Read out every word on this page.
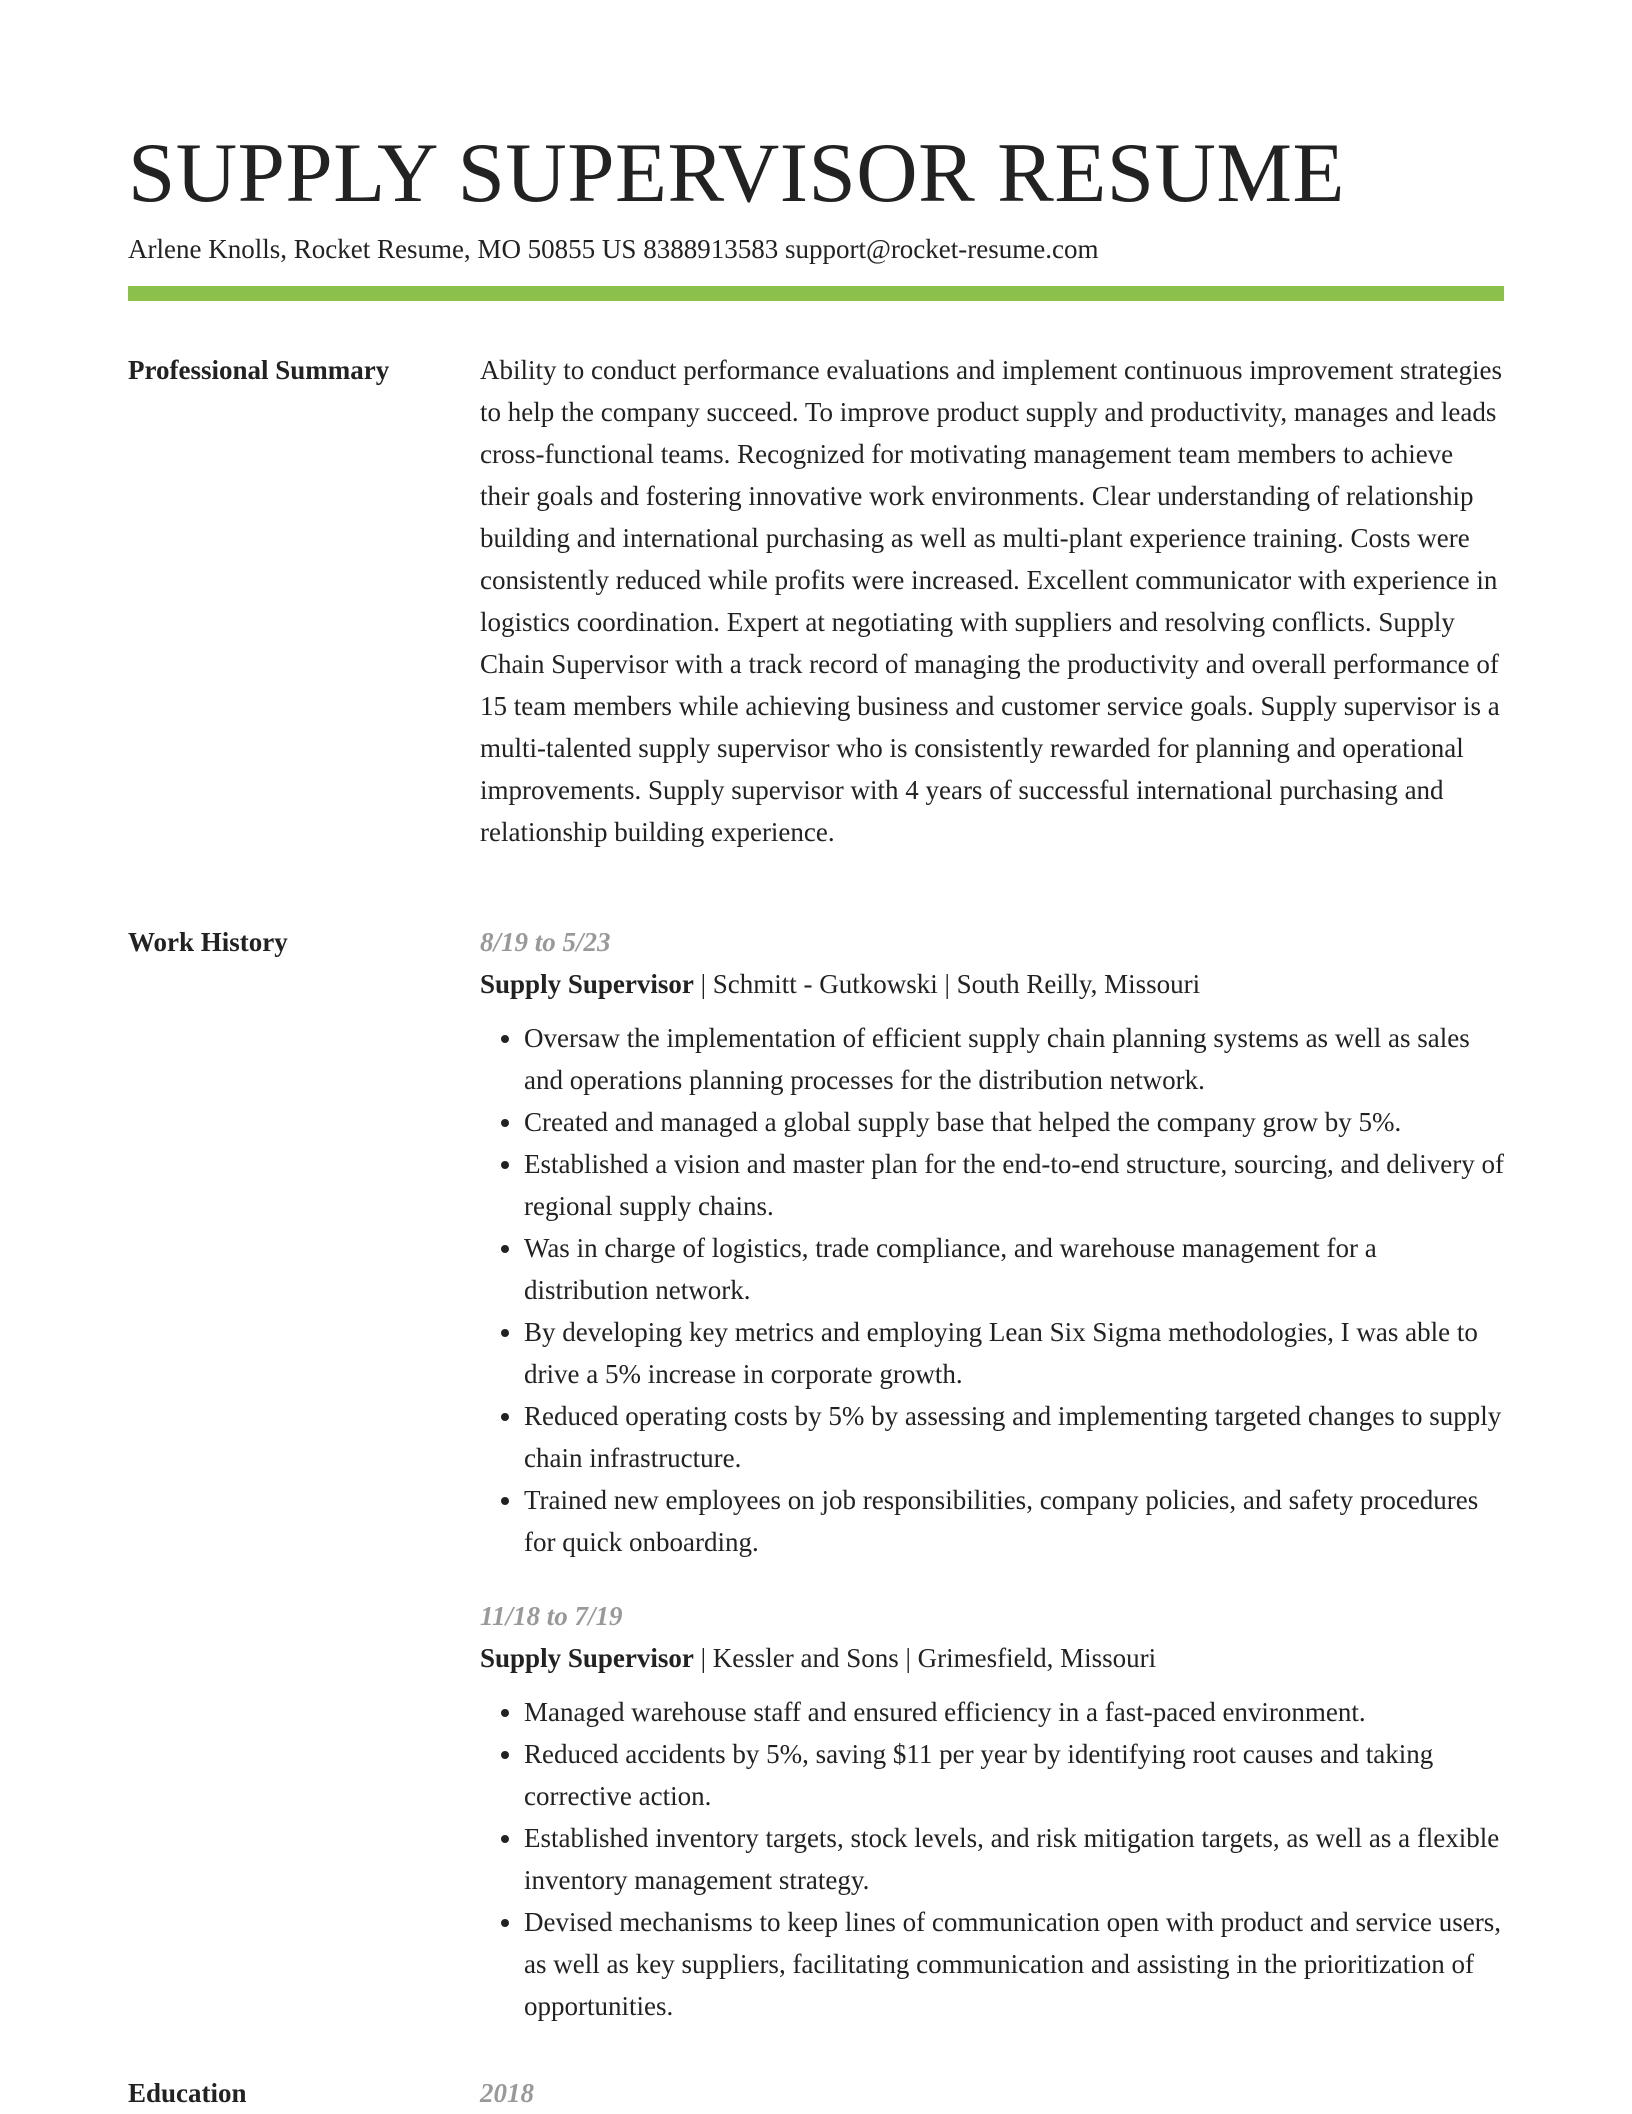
SUPPLY SUPERVISOR RESUME
Arlene Knolls, Rocket Resume, MO 50855 US 8388913583 support@rocket-resume.com
Professional Summary	Ability to conduct performance evaluations and implement continuous improvement strategies to help the company succeed. To improve product supply and productivity, manages and leads cross-functional teams. Recognized for motivating management team members to achieve their goals and fostering innovative work environments. Clear understanding of relationship building and international purchasing as well as multi-plant experience training. Costs were consistently reduced while profits were increased. Excellent communicator with experience in logistics coordination. Expert at negotiating with suppliers and resolving conflicts. Supply Chain Supervisor with a track record of managing the productivity and overall performance of 15 team members while achieving business and customer service goals. Supply supervisor is a multi-talented supply supervisor who is consistently rewarded for planning and operational improvements. Supply supervisor with 4 years of successful international purchasing and relationship building experience.

Work History	8/19 to 5/23
Supply Supervisor | Schmitt - Gutkowski | South Reilly, Missouri
• Oversaw the implementation of efficient supply chain planning systems as well as sales and operations planning processes for the distribution network.
• Created and managed a global supply base that helped the company grow by 5%.
• Established a vision and master plan for the end-to-end structure, sourcing, and delivery of regional supply chains.
• Was in charge of logistics, trade compliance, and warehouse management for a distribution network.
• By developing key metrics and employing Lean Six Sigma methodologies, I was able to drive a 5% increase in corporate growth.
• Reduced operating costs by 5% by assessing and implementing targeted changes to supply chain infrastructure.
• Trained new employees on job responsibilities, company policies, and safety procedures for quick onboarding.
11/18 to 7/19
Supply Supervisor | Kessler and Sons | Grimesfield, Missouri
• Managed warehouse staff and ensured efficiency in a fast-paced environment.
• Reduced accidents by 5%, saving $11 per year by identifying root causes and taking corrective action.
• Established inventory targets, stock levels, and risk mitigation targets, as well as a flexible inventory management strategy.
• Devised mechanisms to keep lines of communication open with product and service users, as well as key suppliers, facilitating communication and assisting in the prioritization of opportunities.
Education	2018
